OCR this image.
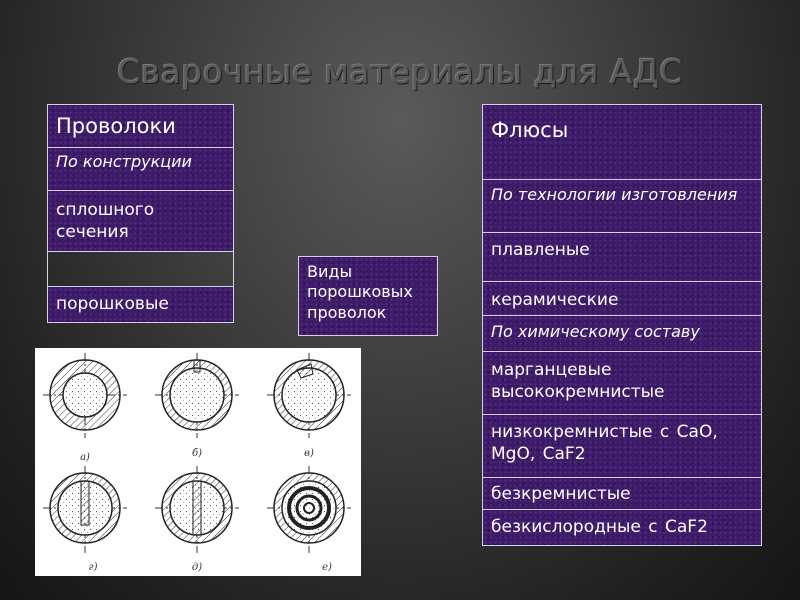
Сварочные материалы для АДС
Проволоки
По конструкции
сплошного сечения
порошковые
Виды порошковых проволок
а)	б)	в)
г)	д)	е)
Флюсы
По технологии изготовления
плавленые
керамические
По химическому составу
марганцевые высококремнистые
низкокремнистые с CaO, MgO, CaF2
безкремнистые
безкислородные с CaF2
